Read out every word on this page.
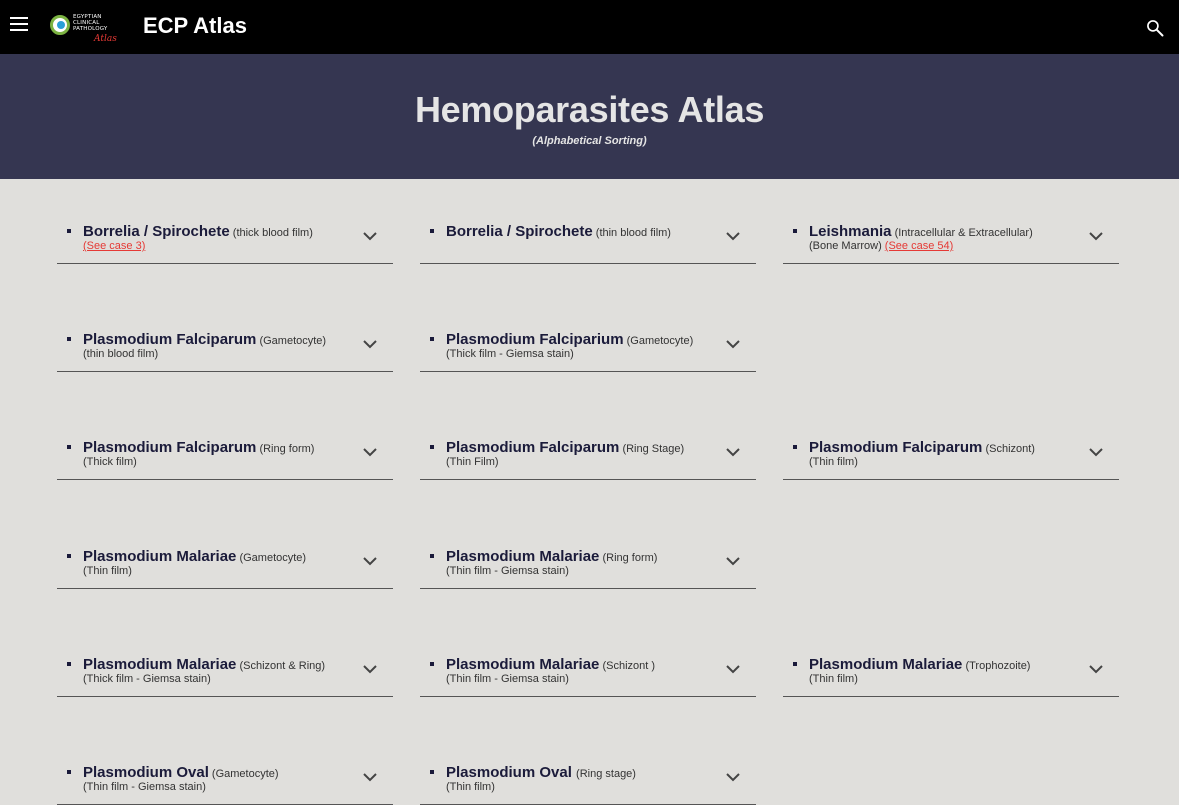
EGYPTIAN
CLINICAL
PATHOLOGY
Atlas
ECP Atlas
Hemoparasites Atlas
(Alphabetical Sorting)
Borrelia / Spirochete (thick blood film)
(See case 3)
Borrelia / Spirochete (thin blood film)	Leishmania (Intracellular & Extracellular)
(Bone Marrow) (See case 54)
Plasmodium Falciparum (Gametocyte)
(thin blood film)
Plasmodium Falciparium (Gametocyte)
(Thick film - Giemsa stain)
Plasmodium Falciparum (Ring form)
(Thick film)
Plasmodium Falciparum (Ring Stage)
(Thin Film)
Plasmodium Falciparum (Schizont)
(Thin film)
Plasmodium Malariae (Gametocyte)
(Thin film)
Plasmodium Malariae (Ring form)
(Thin film - Giemsa stain)
Plasmodium Malariae (Schizont & Ring)
(Thick film - Giemsa stain)
Plasmodium Malariae (Schizont )
(Thin film - Giemsa stain)
Plasmodium Malariae (Trophozoite)
(Thin film)
Plasmodium Oval (Gametocyte)
(Thin film - Giemsa stain)
Plasmodium Oval (Ring stage)
(Thin film)
